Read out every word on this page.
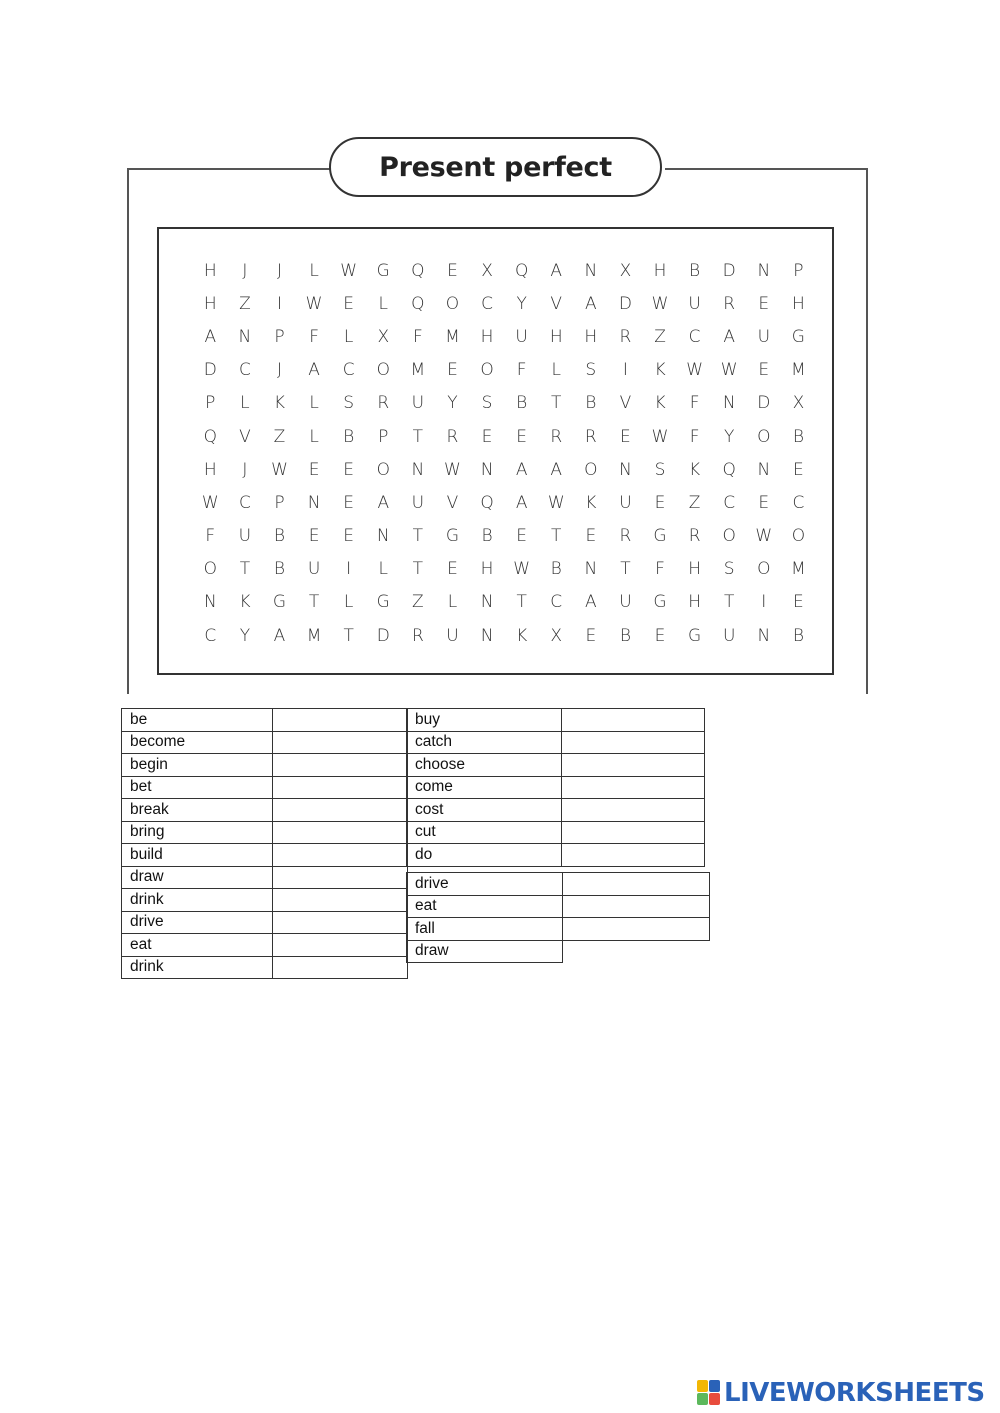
Present perfect
H	J	J	L	W	G	Q	E	X	Q	A	N	X	H	B	D	N	P
H	Z	I	W	E	L	Q	O	C	Y	V	A	D	W	U	R	E	H
A	N	P	F	L	X	F	M	H	U	H	H	R	Z	C	A	U	G
D	C	J	A	C	O	M	E	O	F	L	S	I	K	W	W	E	M
P	L	K	L	S	R	U	Y	S	B	T	B	V	K	F	N	D	X
Q	V	Z	L	B	P	T	R	E	E	R	R	E	W	F	Y	O	B
H	J	W	E	E	O	N	W	N	A	A	O	N	S	K	Q	N	E
W	C	P	N	E	A	U	V	Q	A	W	K	U	E	Z	C	E	C
F	U	B	E	E	N	T	G	B	E	T	E	R	G	R	O	W	O
O	T	B	U	I	L	T	E	H	W	B	N	T	F	H	S	O	M
N	K	G	T	L	G	Z	L	N	T	C	A	U	G	H	T	I	E
C	Y	A	M	T	D	R	U	N	K	X	E	B	E	G	U	N	B
be	
become	
begin	
bet	
break	
bring	
build	
draw	
drink	
drive	
eat	
drink	
buy	
catch	
choose	
come	
cost	
cut	
do	
drive	
eat	
fall	
draw	
LIVEWORKSHEETS
